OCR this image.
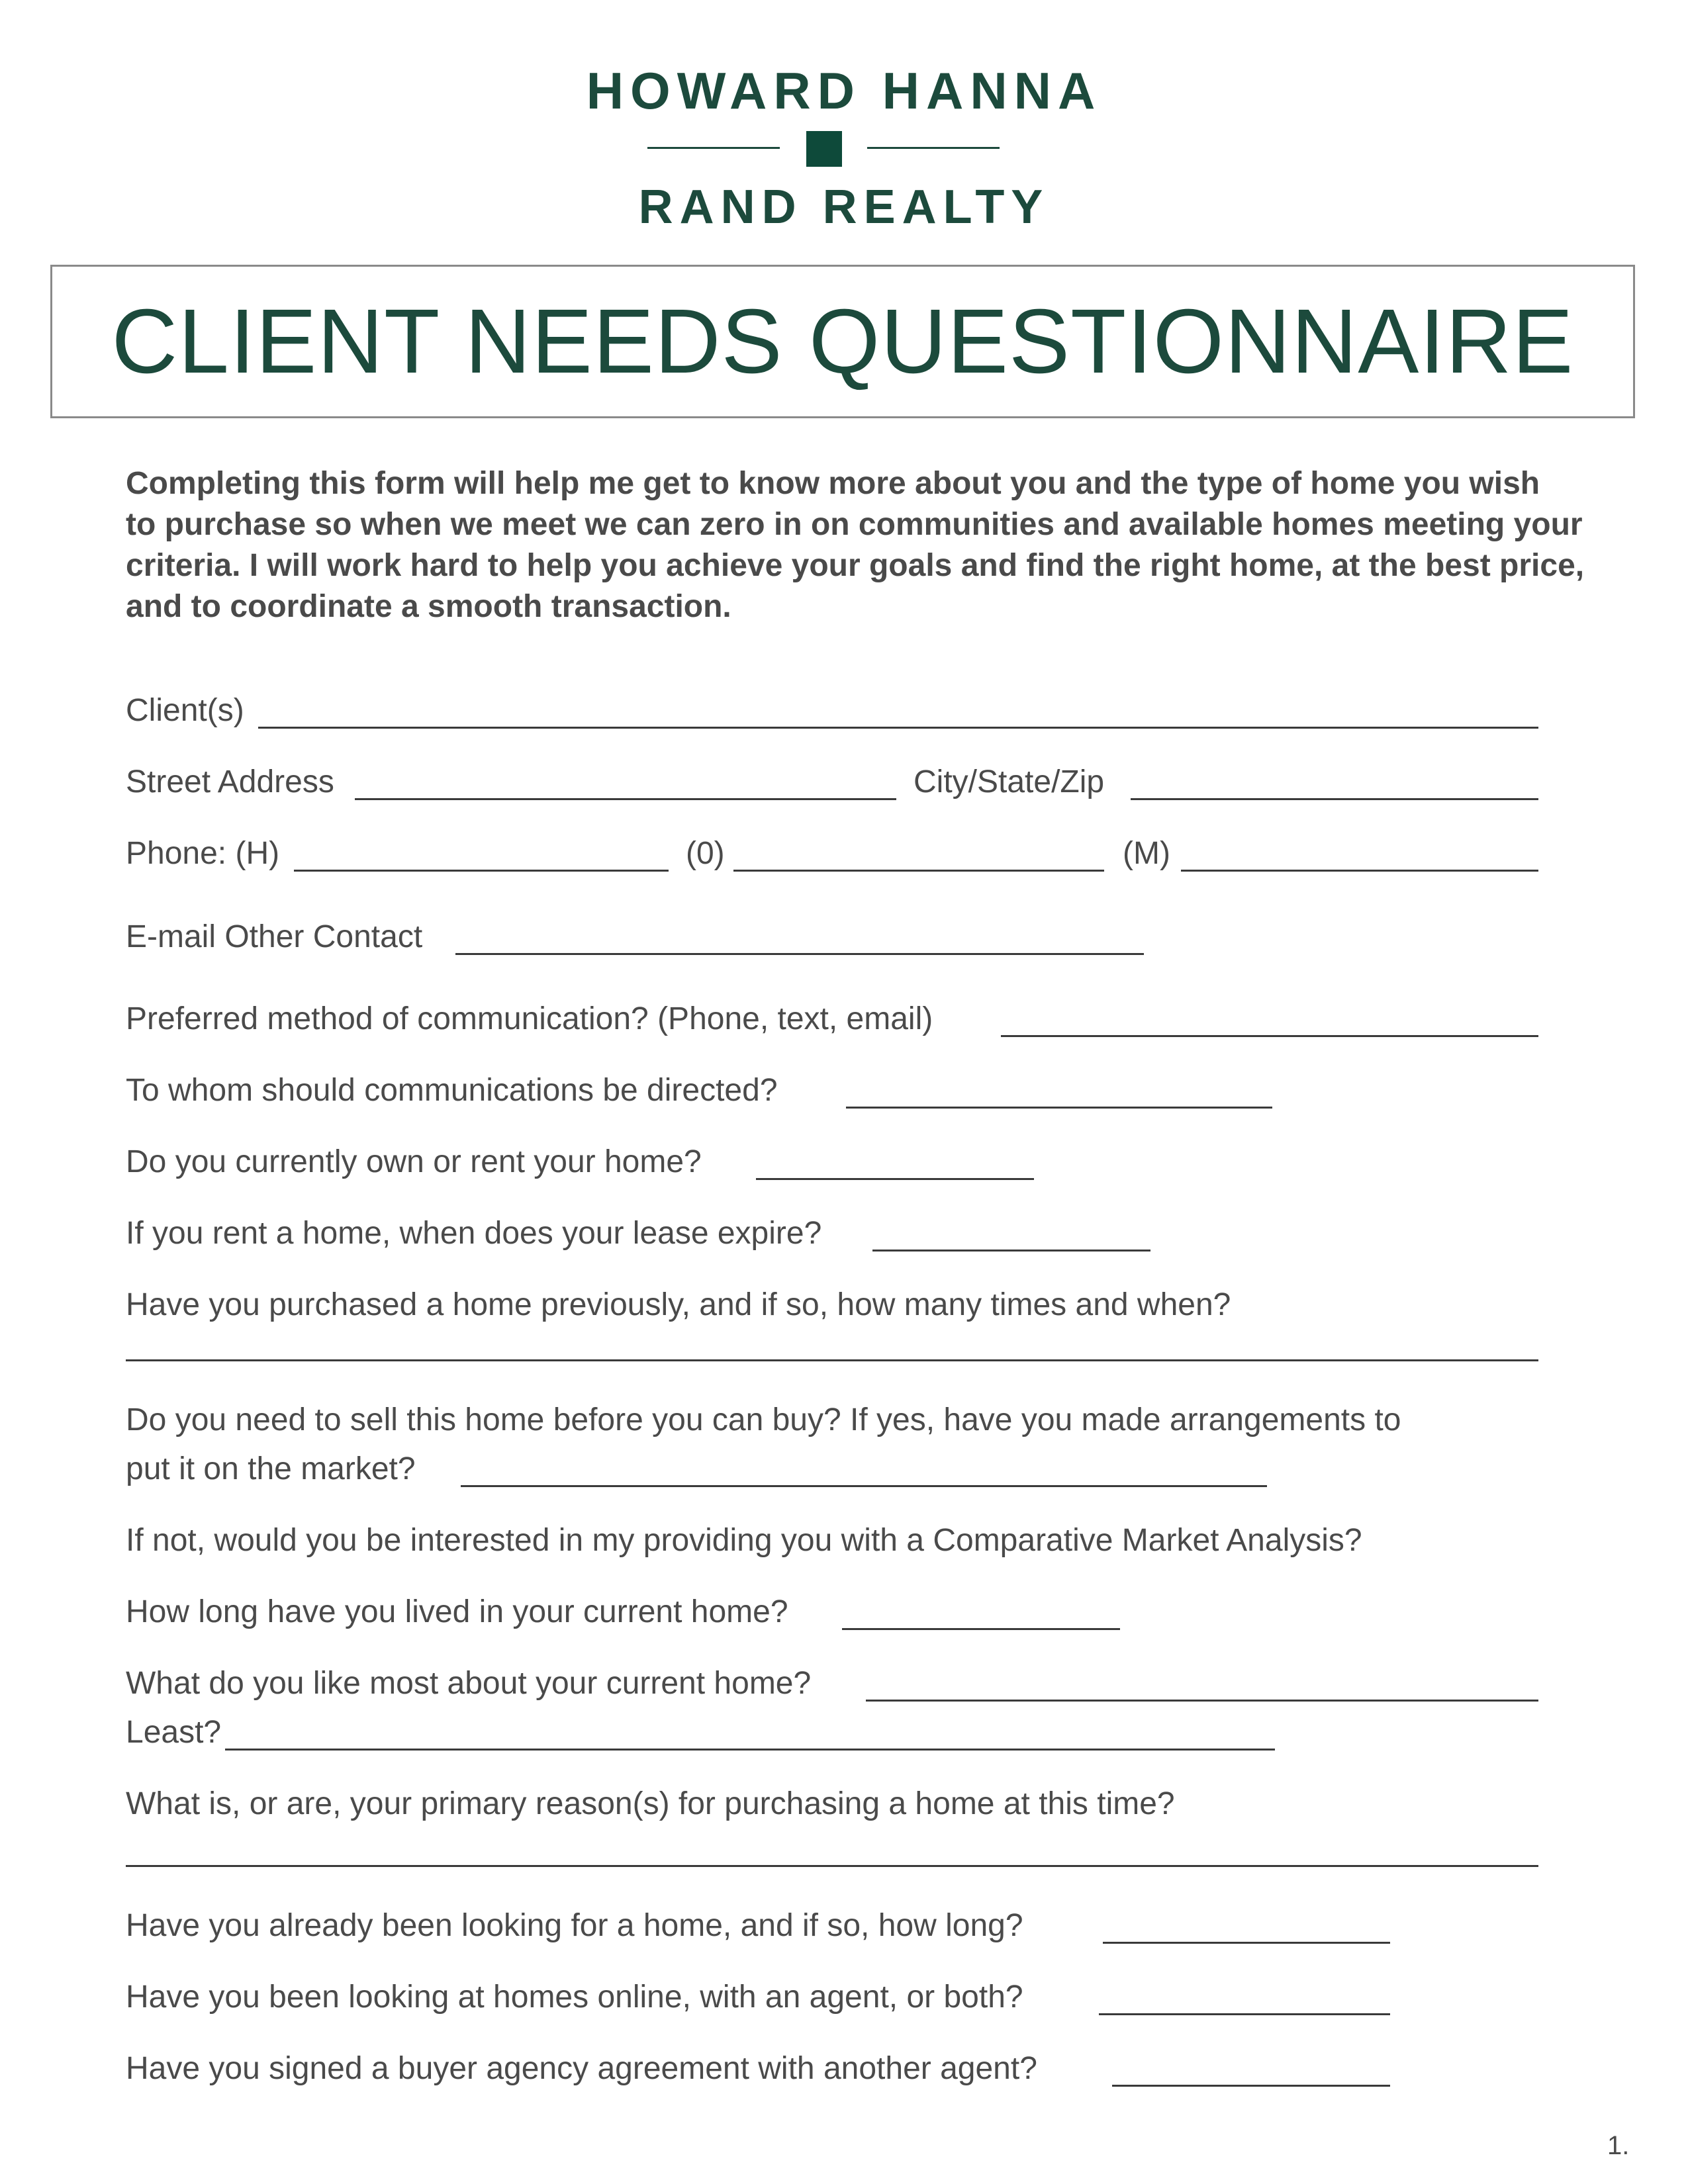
HOWARD HANNA
RAND REALTY
CLIENT NEEDS QUESTIONNAIRE
Completing this form will help me get to know more about you and the type of home you wish
to purchase so when we meet we can zero in on communities and available homes meeting your
criteria. I will work hard to help you achieve your goals and find the right home, at the best price,
and to coordinate a smooth transaction.
Client(s)
Street Address	City/State/Zip
Phone: (H)	(0)	(M)
E-mail Other Contact
Preferred method of communication? (Phone, text, email)
To whom should communications be directed?
Do you currently own or rent your home?
If you rent a home, when does your lease expire?
Have you purchased a home previously, and if so, how many times and when?
Do you need to sell this home before you can buy? If yes, have you made arrangements to
put it on the market?
If not, would you be interested in my providing you with a Comparative Market Analysis?
How long have you lived in your current home?
What do you like most about your current home?
Least?
What is, or are, your primary reason(s) for purchasing a home at this time?
Have you already been looking for a home, and if so, how long?
Have you been looking at homes online, with an agent, or both?
Have you signed a buyer agency agreement with another agent?
1.
